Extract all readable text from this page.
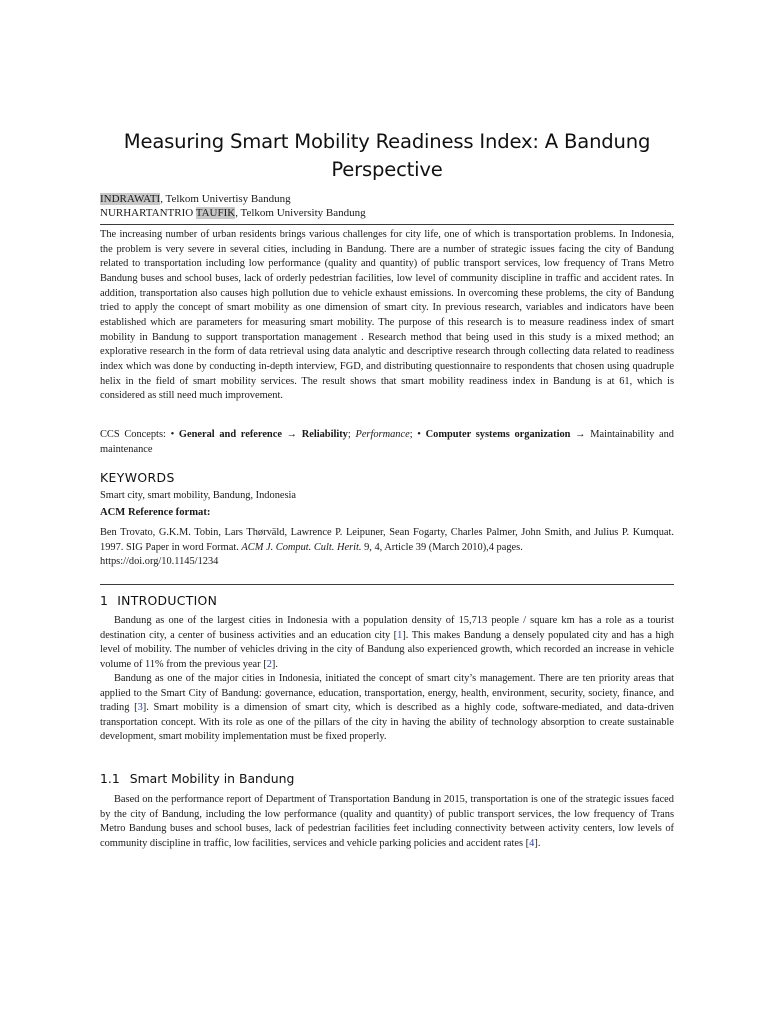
Measuring Smart Mobility Readiness Index: A Bandung Perspective
INDRAWATI, Telkom Univertisy Bandung
NURHARTANTRIO TAUFIK, Telkom University Bandung

The increasing number of urban residents brings various challenges for city life, one of which is transportation problems. In Indonesia, the problem is very severe in several cities, including in Bandung. There are a number of strategic issues facing the city of Bandung related to transportation including low performance (quality and quantity) of public transport services, low frequency of Trans Metro Bandung buses and school buses, lack of orderly pedestrian facilities, low level of community discipline in traffic and accident rates. In addition, transportation also causes high pollution due to vehicle exhaust emissions. In overcoming these problems, the city of Bandung tried to apply the concept of smart mobility as one dimension of smart city. In previous research, variables and indicators have been established which are parameters for measuring smart mobility. The purpose of this research is to measure readiness index of smart mobility in Bandung to support transportation management . Research method that being used in this study is a mixed method; an explorative research in the form of data retrieval using data analytic and descriptive research through collecting data related to readiness index which was done by conducting in-depth interview, FGD, and distributing questionnaire to respondents that chosen using quadruple helix in the field of smart mobility services. The result shows that smart mobility readiness index in Bandung is at 61, which is considered as still need much improvement.

CCS Concepts: • General and reference → Reliability; Performance; • Computer systems organization → Maintainability and maintenance

KEYWORDS
Smart city, smart mobility, Bandung, Indonesia
ACM Reference format:

Ben Trovato, G.K.M. Tobin, Lars Thørväld, Lawrence P. Leipuner, Sean Fogarty, Charles Palmer, John Smith, and Julius P. Kumquat. 1997. SIG Paper in word Format. ACM J. Comput. Cult. Herit. 9, 4, Article 39 (March 2010),4 pages.
https://doi.org/10.1145/1234

1 INTRODUCTION

Bandung as one of the largest cities in Indonesia with a population density of 15,713 people / square km has a role as a tourist destination city, a center of business activities and an education city [1]. This makes Bandung a densely populated city and has a high level of mobility. The number of vehicles driving in the city of Bandung also experienced growth, which recorded an increase in vehicle volume of 11% from the previous year [2].

Bandung as one of the major cities in Indonesia, initiated the concept of smart city’s management. There are ten priority areas that applied to the Smart City of Bandung: governance, education, transportation, energy, health, environment, security, society, finance, and trading [3]. Smart mobility is a dimension of smart city, which is described as a highly code, software-mediated, and data-driven transportation concept. With its role as one of the pillars of the city in having the ability of technology absorption to create sustainable development, smart mobility implementation must be fixed properly.

1.1 Smart Mobility in Bandung

Based on the performance report of Department of Transportation Bandung in 2015, transportation is one of the strategic issues faced by the city of Bandung, including the low performance (quality and quantity) of public transport services, the low frequency of Trans Metro Bandung buses and school buses, lack of pedestrian facilities feet including connectivity between activity centers, low levels of community discipline in traffic, low facilities, services and vehicle parking policies and accident rates [4].
